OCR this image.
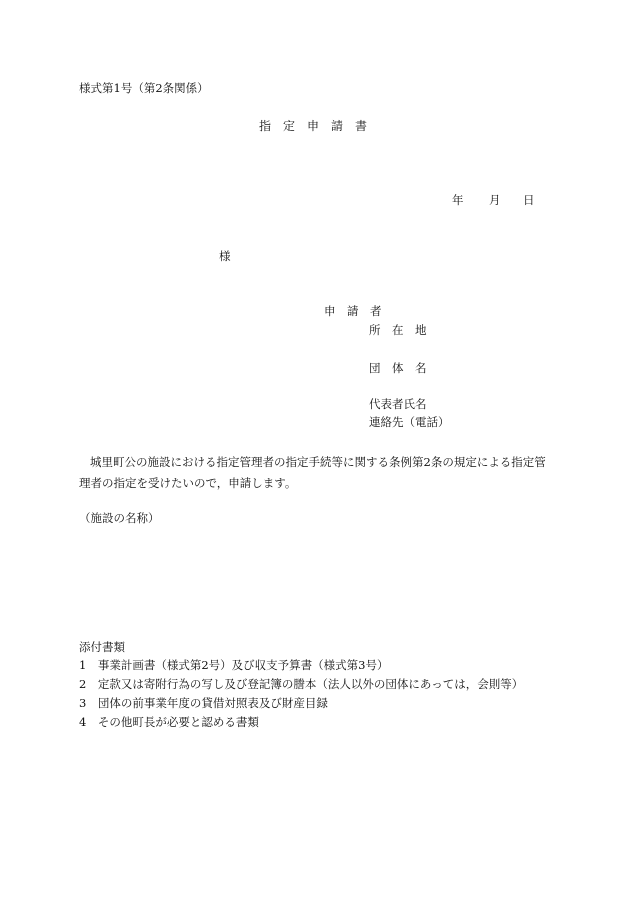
様式第1号（第2条関係）
指　定　申　請　書
年 月 日
様
申　請　者
所　在　地
団　体　名
代表者氏名
連絡先（電話）
城里町公の施設における指定管理者の指定手続等に関する条例第2条の規定による指定管理者の指定を受けたいので，申請します。
（施設の名称）
添付書類
1　事業計画書（様式第2号）及び収支予算書（様式第3号）
2　定款又は寄附行為の写し及び登記簿の謄本（法人以外の団体にあっては，会則等）
3　団体の前事業年度の貸借対照表及び財産目録
4　その他町長が必要と認める書類
